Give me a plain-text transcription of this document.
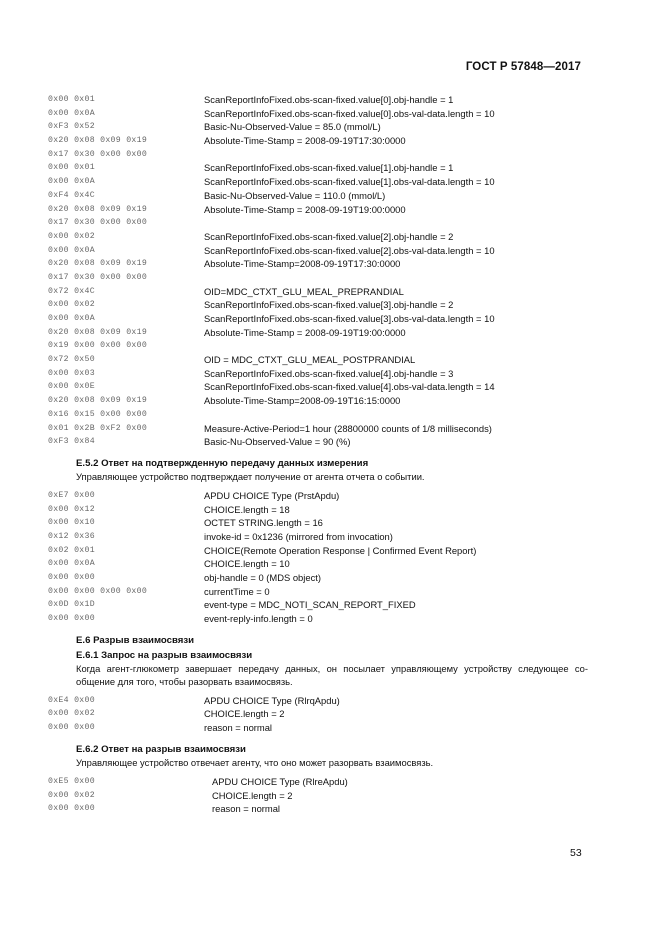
ГОСТ Р 57848—2017
0x00 0x01	ScanReportInfoFixed.obs-scan-fixed.value[0].obj-handle = 1
0x00 0x0A	ScanReportInfoFixed.obs-scan-fixed.value[0].obs-val-data.length = 10
0xF3 0x52	Basic-Nu-Observed-Value = 85.0 (mmol/L)
0x20 0x08 0x09 0x19	Absolute-Time-Stamp = 2008-09-19T17:30:0000
0x17 0x30 0x00 0x00
0x00 0x01	ScanReportInfoFixed.obs-scan-fixed.value[1].obj-handle = 1
0x00 0x0A	ScanReportInfoFixed.obs-scan-fixed.value[1].obs-val-data.length = 10
0xF4 0x4C	Basic-Nu-Observed-Value = 110.0 (mmol/L)
0x20 0x08 0x09 0x19	Absolute-Time-Stamp = 2008-09-19T19:00:0000
0x17 0x30 0x00 0x00
0x00 0x02	ScanReportInfoFixed.obs-scan-fixed.value[2].obj-handle = 2
0x00 0x0A	ScanReportInfoFixed.obs-scan-fixed.value[2].obs-val-data.length = 10
0x20 0x08 0x09 0x19	Absolute-Time-Stamp=2008-09-19T17:30:0000
0x17 0x30 0x00 0x00
0x72 0x4C	OID=MDC_CTXT_GLU_MEAL_PREPRANDIAL
0x00 0x02	ScanReportInfoFixed.obs-scan-fixed.value[3].obj-handle = 2
0x00 0x0A	ScanReportInfoFixed.obs-scan-fixed.value[3].obs-val-data.length = 10
0x20 0x08 0x09 0x19	Absolute-Time-Stamp = 2008-09-19T19:00:0000
0x19 0x00 0x00 0x00
0x72 0x50	OID = MDC_CTXT_GLU_MEAL_POSTPRANDIAL
0x00 0x03	ScanReportInfoFixed.obs-scan-fixed.value[4].obj-handle = 3
0x00 0x0E	ScanReportInfoFixed.obs-scan-fixed.value[4].obs-val-data.length = 14
0x20 0x08 0x09 0x19	Absolute-Time-Stamp=2008-09-19T16:15:0000
0x16 0x15 0x00 0x00
0x01 0x2B 0xF2 0x00	Measure-Active-Period=1 hour (28800000 counts of 1/8 milliseconds)
0xF3 0x84	Basic-Nu-Observed-Value = 90 (%)
E.5.2 Ответ на подтвержденную передачу данных измерения
Управляющее устройство подтверждает получение от агента отчета о событии.
0xE7 0x00	APDU CHOICE Type (PrstApdu)
0x00 0x12	CHOICE.length = 18
0x00 0x10	OCTET STRING.length = 16
0x12 0x36	invoke-id = 0x1236 (mirrored from invocation)
0x02 0x01	CHOICE(Remote Operation Response | Confirmed Event Report)
0x00 0x0A	CHOICE.length = 10
0x00 0x00	obj-handle = 0 (MDS object)
0x00 0x00 0x00 0x00	currentTime = 0
0x0D 0x1D	event-type = MDC_NOTI_SCAN_REPORT_FIXED
0x00 0x00	event-reply-info.length = 0
E.6 Разрыв взаимосвязи
E.6.1 Запрос на разрыв взаимосвязи
Когда агент-глюкометр завершает передачу данных, он посылает управляющему устройству следующее со-общение для того, чтобы разорвать взаимосвязь.
0xE4 0x00	APDU CHOICE Type (RlrqApdu)
0x00 0x02	CHOICE.length = 2
0x00 0x00	reason = normal
E.6.2 Ответ на разрыв взаимосвязи
Управляющее устройство отвечает агенту, что оно может разорвать взаимосвязь.
0xE5 0x00	APDU CHOICE Type (RlreApdu)
0x00 0x02	CHOICE.length = 2
0x00 0x00	reason = normal
53
